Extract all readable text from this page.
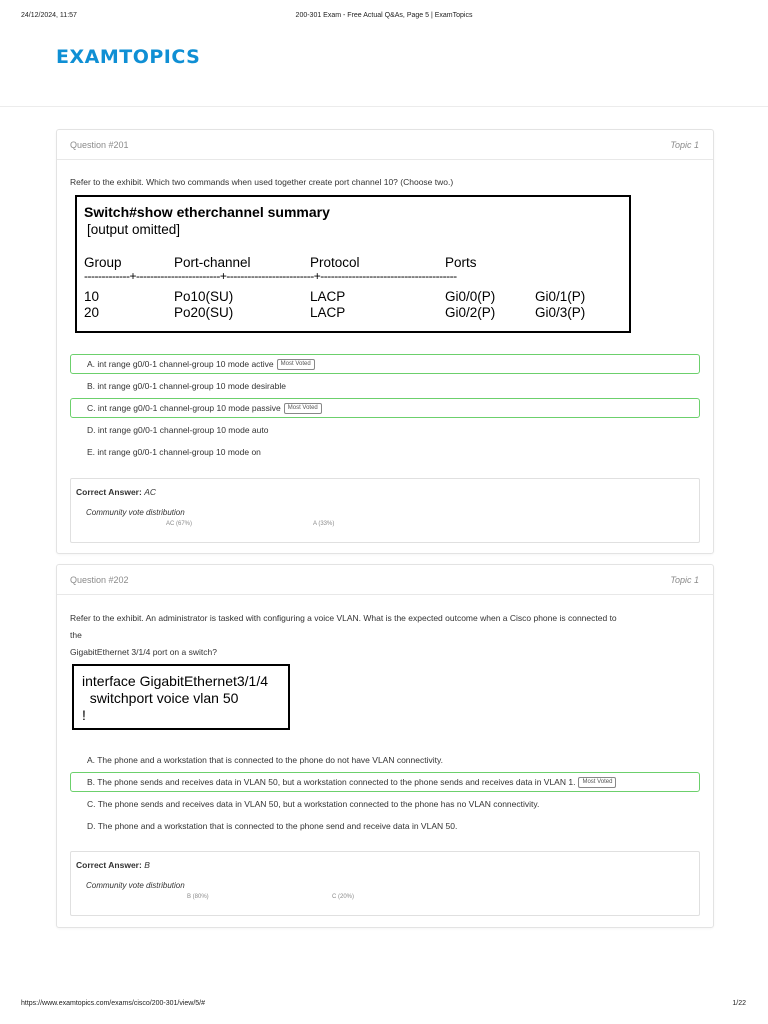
24/12/2024, 11:57	200-301 Exam - Free Actual Q&As, Page 5 | ExamTopics
EXAMTOPICS
Question #201	Topic 1
Refer to the exhibit. Which two commands when used together create port channel 10? (Choose two.)
Switch#show etherchannel summary
[output omitted]
Group	Port-channel	Protocol	Ports
-------------+------------------------+-------------------------+---------------------------------------
10	Po10(SU)	LACP	Gi0/0(P)	Gi0/1(P)
20	Po20(SU)	LACP	Gi0/2(P)	Gi0/3(P)
A. int range g0/0-1 channel-group 10 mode active	Most Voted
B. int range g0/0-1 channel-group 10 mode desirable
C. int range g0/0-1 channel-group 10 mode passive	Most Voted
D. int range g0/0-1 channel-group 10 mode auto
E. int range g0/0-1 channel-group 10 mode on
Correct Answer: AC
Community vote distribution
AC (67%)	A (33%)
Question #202	Topic 1
Refer to the exhibit. An administrator is tasked with configuring a voice VLAN. What is the expected outcome when a Cisco phone is connected to
the
GigabitEthernet 3/1/4 port on a switch?
interface GigabitEthernet3/1/4
switchport voice vlan 50
!
A. The phone and a workstation that is connected to the phone do not have VLAN connectivity.
B. The phone sends and receives data in VLAN 50, but a workstation connected to the phone sends and receives data in VLAN 1.	Most Voted
C. The phone sends and receives data in VLAN 50, but a workstation connected to the phone has no VLAN connectivity.
D. The phone and a workstation that is connected to the phone send and receive data in VLAN 50.
Correct Answer: B
Community vote distribution
B (80%)	C (20%)
https://www.examtopics.com/exams/cisco/200-301/view/5/#	1/22
